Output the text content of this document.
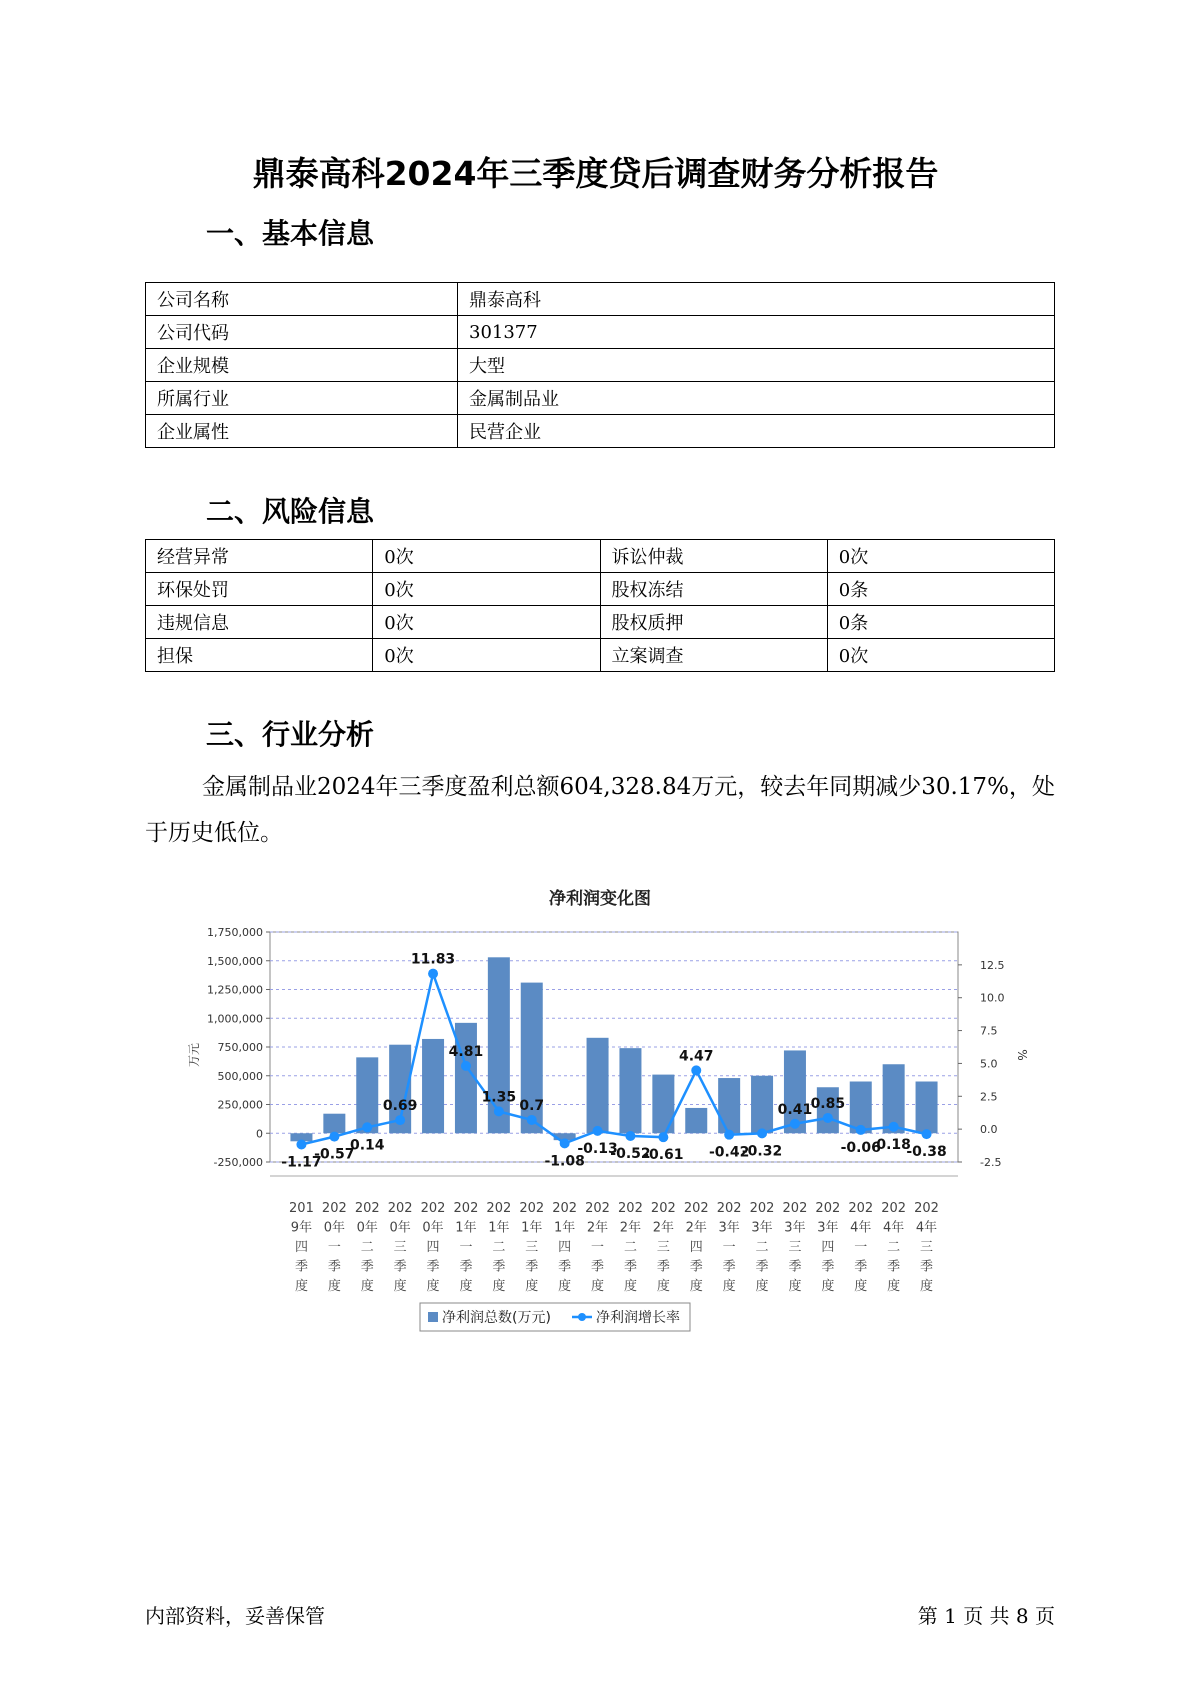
鼎泰高科2024年三季度贷后调查财务分析报告
一、基本信息
公司名称	鼎泰高科
公司代码	301377
企业规模	大型
所属行业	金属制品业
企业属性	民营企业
二、风险信息
经营异常	0次	诉讼仲裁	0次
环保处罚	0次	股权冻结	0条
违规信息	0次	股权质押	0条
担保	0次	立案调查	0次
三、行业分析

金属制品业2024年三季度盈利总额604,328.84万元，较去年同期减少30.17%，处于历史低位。

净利润变化图
万元	%
1,750,000
1,500,000
1,250,000
1,000,000
750,000
500,000
250,000
0
-250,000
12.5
10.0
7.5
5.0
2.5
0.0
-2.5
-1.17
-0.57
0.14
0.69
11.83
4.81
1.35
0.7
-1.08
-0.13
-0.52
-0.61
4.47
-0.42
-0.32
0.41
0.85
-0.06
0.18
-0.38
201
9年
四
季
度
202
0年
一
季
度
202
0年
二
季
度
202
0年
三
季
度
202
0年
四
季
度
202
1年
一
季
度
202
1年
二
季
度
202
1年
三
季
度
202
1年
四
季
度
202
2年
一
季
度
202
2年
二
季
度
202
2年
三
季
度
202
2年
四
季
度
202
3年
一
季
度
202
3年
二
季
度
202
3年
三
季
度
202
3年
四
季
度
202
4年
一
季
度
202
4年
二
季
度
202
4年
三
季
度
净利润总数(万元)	净利润增长率
内部资料，妥善保管	第 1 页 共 8 页
